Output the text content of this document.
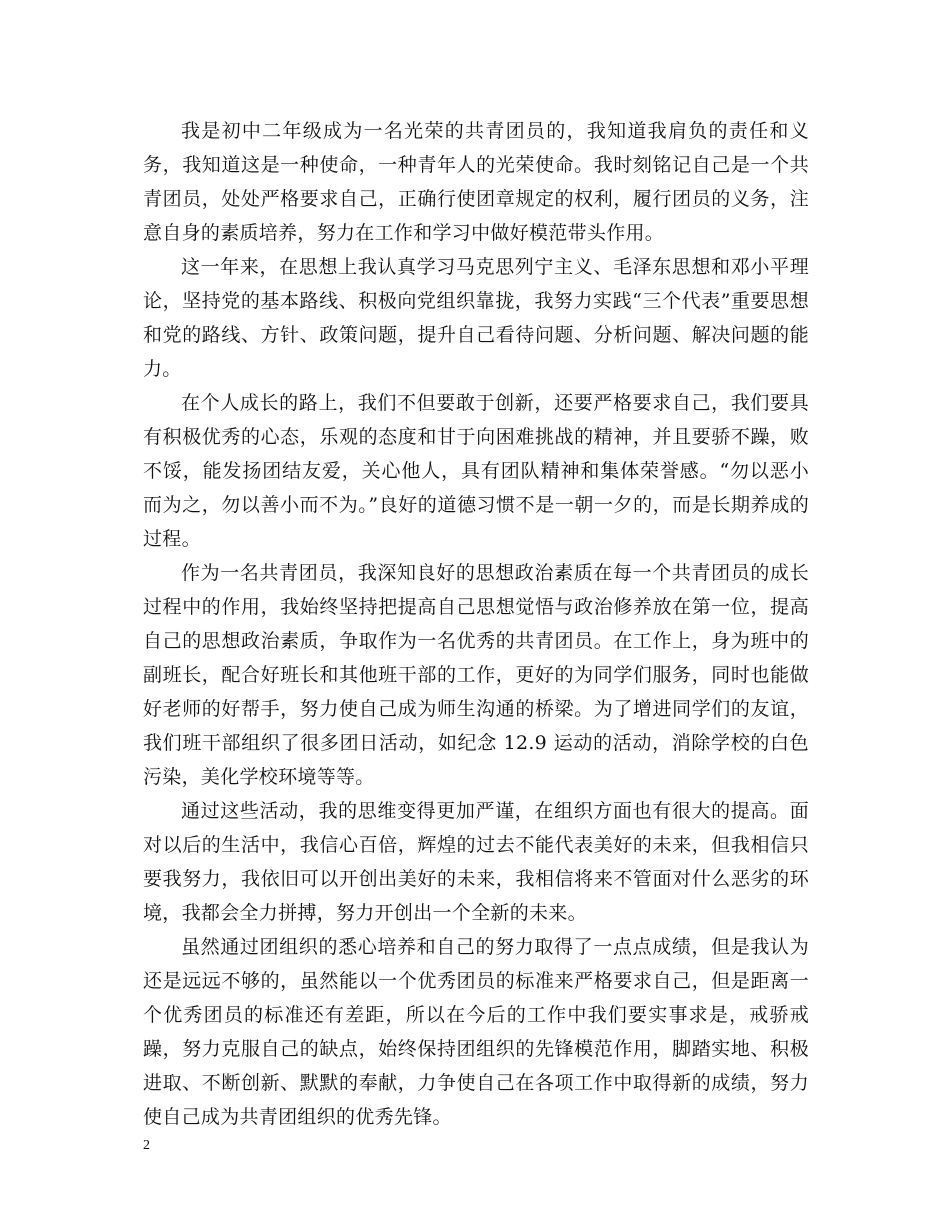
我是初中二年级成为一名光荣的共青团员的，我知道我肩负的责任和义务，我知道这是一种使命，一种青年人的光荣使命。我时刻铭记自己是一个共青团员，处处严格要求自己，正确行使团章规定的权利，履行团员的义务，注意自身的素质培养，努力在工作和学习中做好模范带头作用。

这一年来，在思想上我认真学习马克思列宁主义、毛泽东思想和邓小平理论，坚持党的基本路线、积极向党组织靠拢，我努力实践“三个代表”重要思想和党的路线、方针、政策问题，提升自己看待问题、分析问题、解决问题的能力。

在个人成长的路上，我们不但要敢于创新，还要严格要求自己，我们要具有积极优秀的心态，乐观的态度和甘于向困难挑战的精神，并且要骄不躁，败不馁，能发扬团结友爱，关心他人，具有团队精神和集体荣誉感。“勿以恶小而为之，勿以善小而不为。”良好的道德习惯不是一朝一夕的，而是长期养成的过程。

作为一名共青团员，我深知良好的思想政治素质在每一个共青团员的成长过程中的作用，我始终坚持把提高自己思想觉悟与政治修养放在第一位，提高自己的思想政治素质，争取作为一名优秀的共青团员。在工作上，身为班中的副班长，配合好班长和其他班干部的工作，更好的为同学们服务，同时也能做好老师的好帮手，努力使自己成为师生沟通的桥梁。为了增进同学们的友谊，我们班干部组织了很多团日活动，如纪念 12.9 运动的活动，消除学校的白色污染，美化学校环境等等。

通过这些活动，我的思维变得更加严谨，在组织方面也有很大的提高。面对以后的生活中，我信心百倍，辉煌的过去不能代表美好的未来，但我相信只要我努力，我依旧可以开创出美好的未来，我相信将来不管面对什么恶劣的环境，我都会全力拼搏，努力开创出一个全新的未来。

虽然通过团组织的悉心培养和自己的努力取得了一点点成绩，但是我认为还是远远不够的，虽然能以一个优秀团员的标准来严格要求自己，但是距离一个优秀团员的标准还有差距，所以在今后的工作中我们要实事求是，戒骄戒躁，努力克服自己的缺点，始终保持团组织的先锋模范作用，脚踏实地、积极进取、不断创新、默默的奉献，力争使自己在各项工作中取得新的成绩，努力使自己成为共青团组织的优秀先锋。

2
